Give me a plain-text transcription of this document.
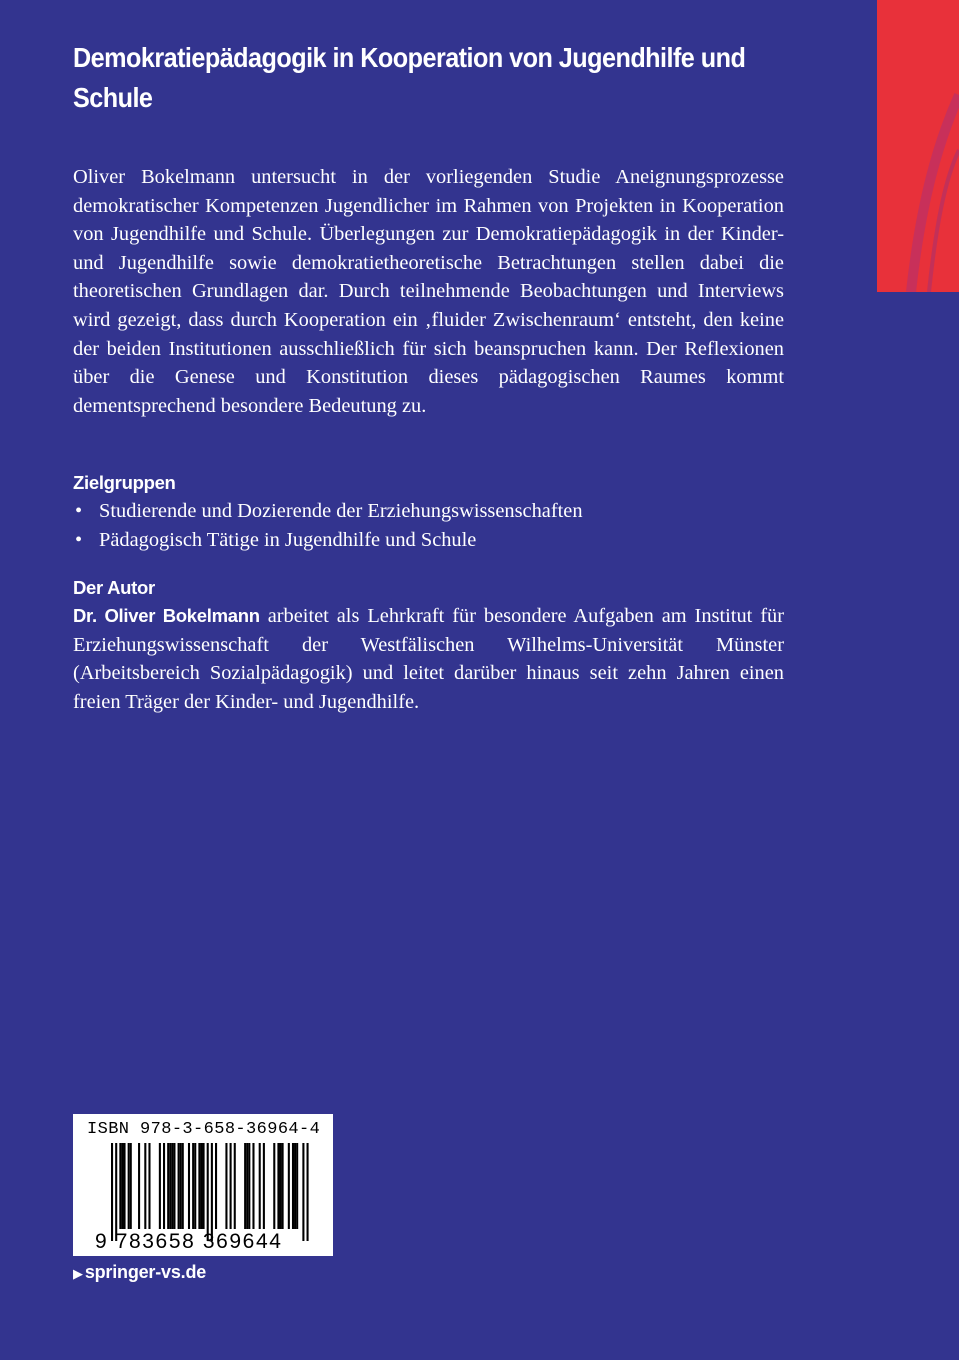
Demokratiepädagogik in Kooperation von Jugendhilfe und Schule

Oliver Bokelmann untersucht in der vorliegenden Studie Aneignungsprozesse demokratischer Kompetenzen Jugendlicher im Rahmen von Projekten in Kooperation von Jugendhilfe und Schule. Überlegungen zur Demokratiepädagogik in der Kinder- und Jugendhilfe sowie demokratietheoretische Betrachtungen stellen dabei die theoretischen Grundlagen dar. Durch teilnehmende Beobachtungen und Interviews wird gezeigt, dass durch Kooperation ein ‚fluider Zwischenraum‘ entsteht, den keine der beiden Institutionen ausschließlich für sich beanspruchen kann. Der Reflexionen über die Genese und Konstitution dieses pädagogischen Raumes kommt dementsprechend besondere Bedeutung zu.

Zielgruppen
• Studierende und Dozierende der Erziehungswissenschaften
• Pädagogisch Tätige in Jugendhilfe und Schule
Der Autor

Dr. Oliver Bokelmann arbeitet als Lehrkraft für besondere Aufgaben am Institut für Erziehungswissenschaft der Westfälischen Wilhelms-Universität Münster (Arbeitsbereich Sozialpädagogik) und leitet darüber hinaus seit zehn Jahren einen freien Träger der Kinder- und Jugendhilfe.

ISBN 978-3-658-36964-4
9 783658 369644
▶ springer-vs.de
